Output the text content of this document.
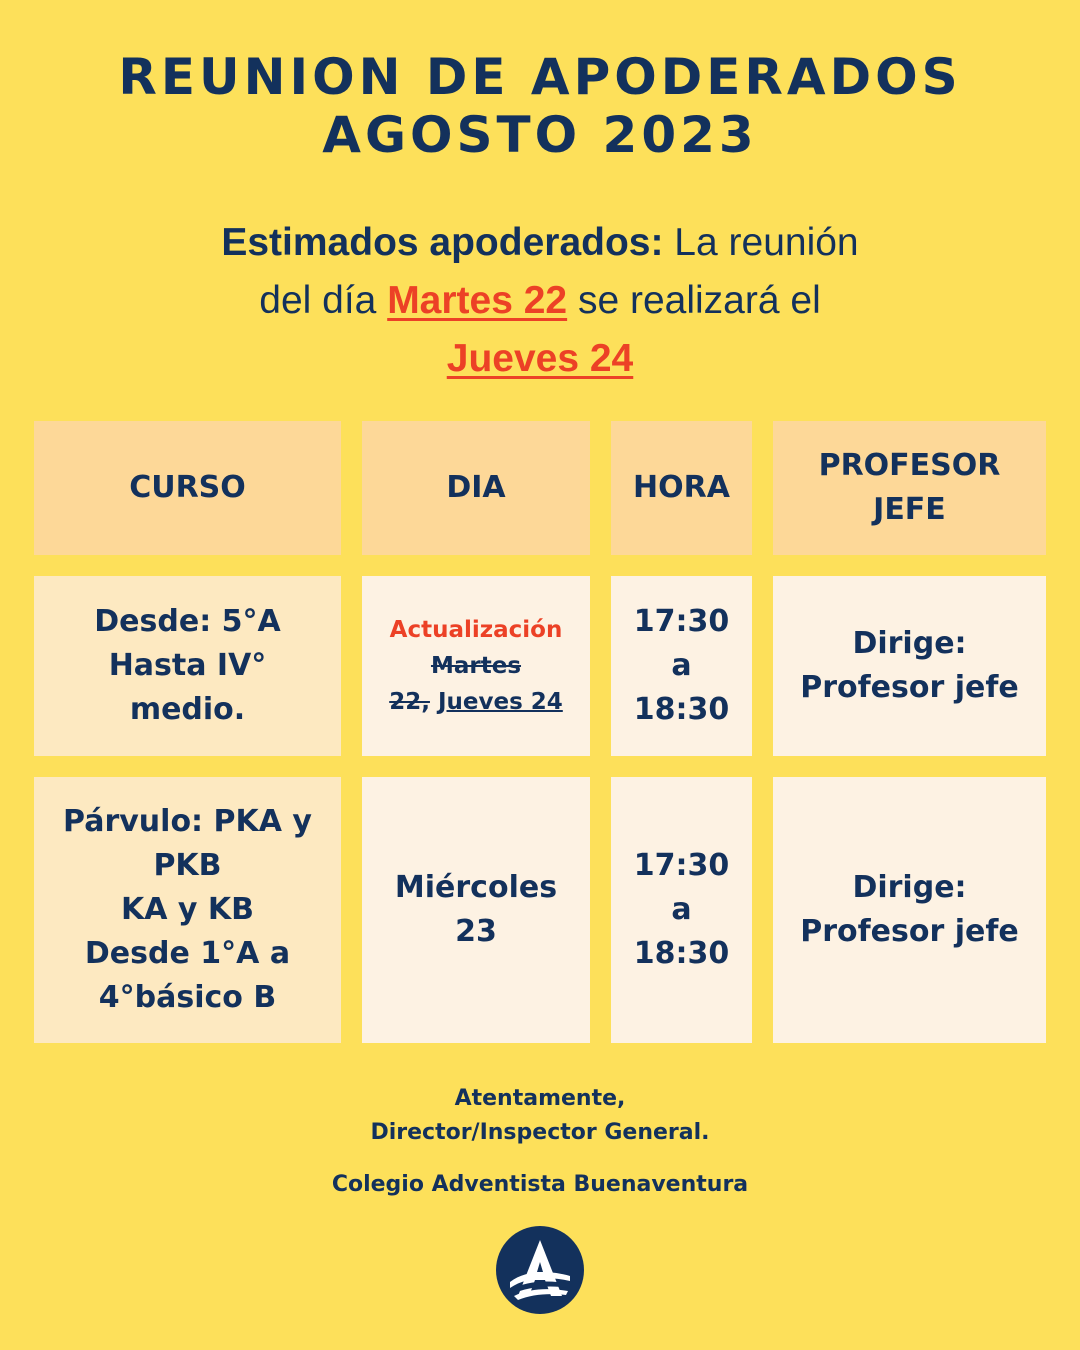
REUNION DE APODERADOS
AGOSTO 2023
Estimados apoderados: La reunión
del día Martes 22 se realizará el
Jueves 24
CURSO	DIA	HORA
PROFESOR
JEFE
Desde: 5°A
Hasta IV°
medio.
Actualización
Martes
22, Jueves 24
17:30
a
18:30
Dirige:
Profesor jefe
Párvulo: PKA y
PKB
KA y KB
Desde 1°A a
4°básico B
Miércoles
23
17:30
a
18:30
Dirige:
Profesor jefe
Atentamente,
Director/Inspector General.
Colegio Adventista Buenaventura
